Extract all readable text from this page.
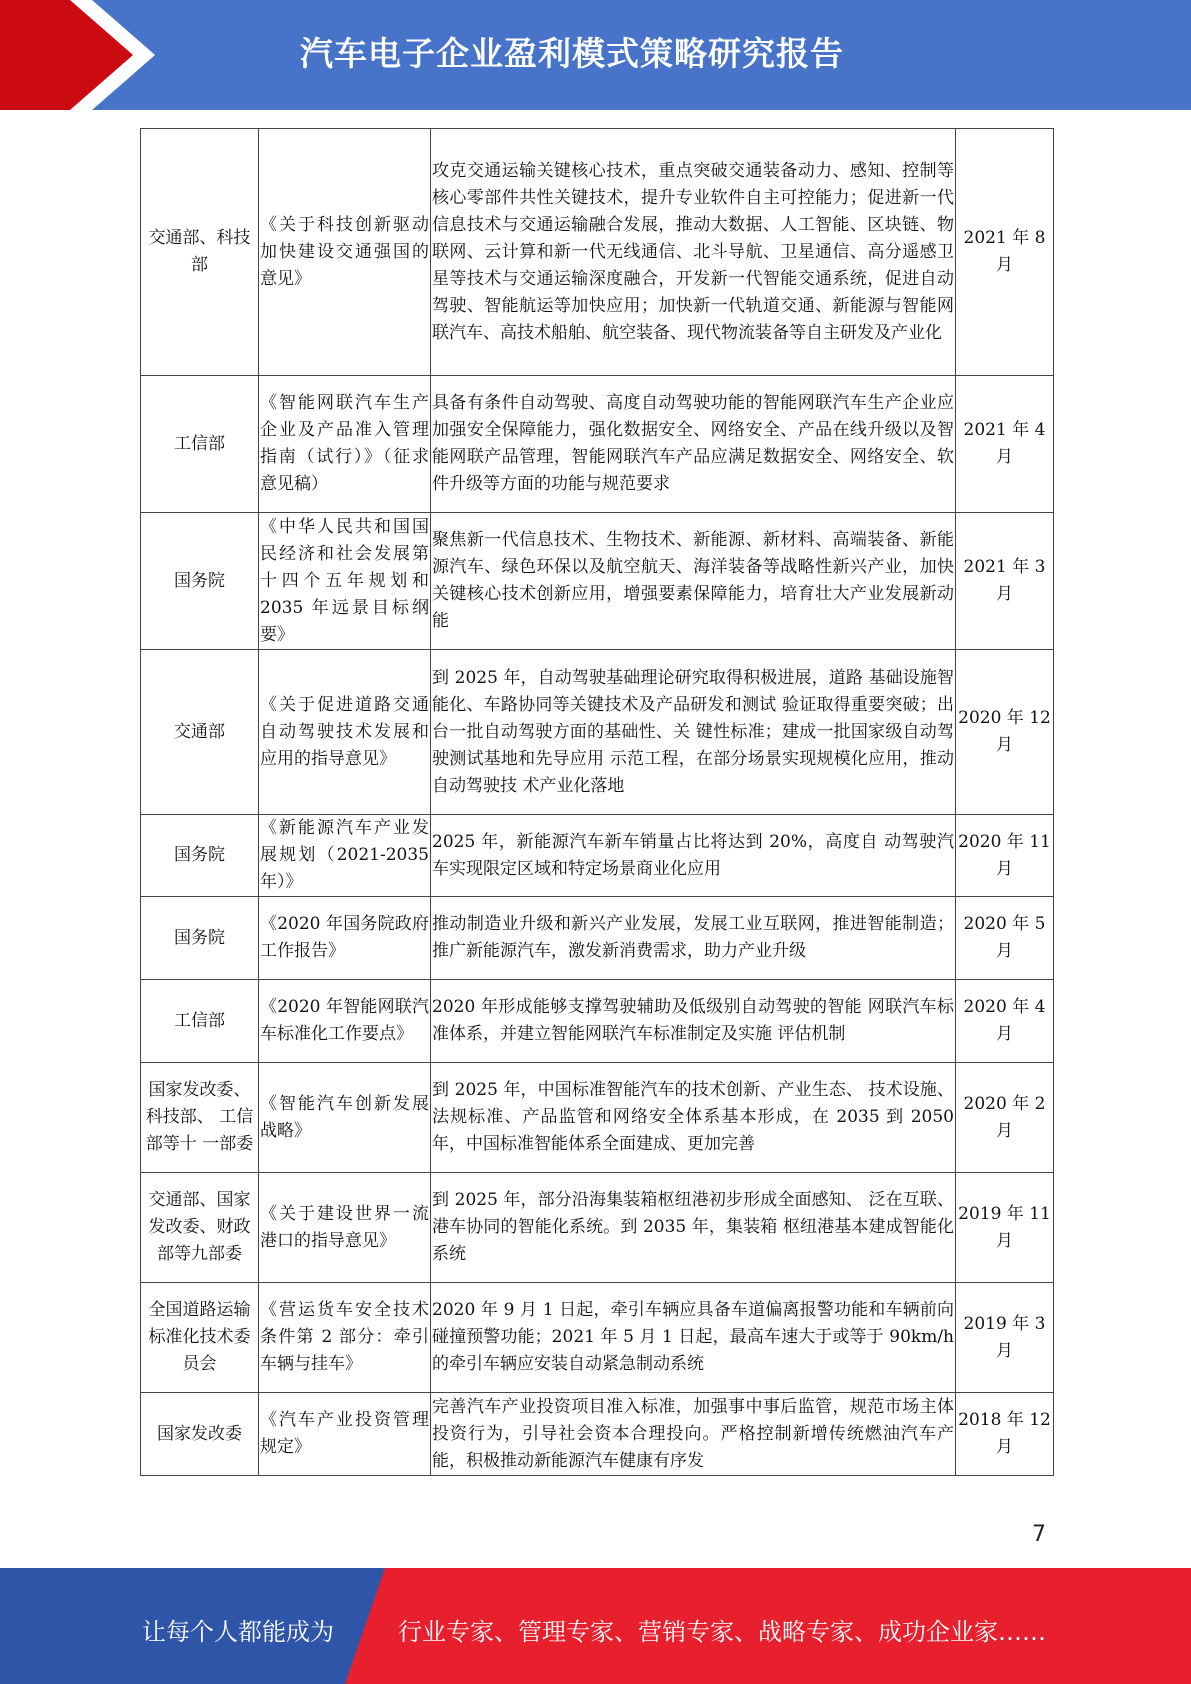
汽车电子企业盈利模式策略研究报告
交通部、科技部	《关于科技创新驱动加快建设交通强国的意见》	攻克交通运输关键核心技术，重点突破交通装备动力、感知、控制等核心零部件共性关键技术，提升专业软件自主可控能力；促进新一代信息技术与交通运输融合发展，推动大数据、人工智能、区块链、物联网、云计算和新一代无线通信、北斗导航、卫星通信、高分遥感卫星等技术与交通运输深度融合，开发新一代智能交通系统，促进自动驾驶、智能航运等加快应用；加快新一代轨道交通、新能源与智能网联汽车、高技术船舶、航空装备、现代物流装备等自主研发及产业化	2021 年 8 月
工信部	《智能网联汽车生产企业及产品准入管理指南（试行）》（征求意见稿）	具备有条件自动驾驶、高度自动驾驶功能的智能网联汽车生产企业应加强安全保障能力，强化数据安全、网络安全、产品在线升级以及智能网联产品管理，智能网联汽车产品应满足数据安全、网络安全、软件升级等方面的功能与规范要求	2021 年 4 月
国务院	《中华人民共和国国民经济和社会发展第十四个五年规划和 2035 年远景目标纲要》	聚焦新一代信息技术、生物技术、新能源、新材料、高端装备、新能源汽车、绿色环保以及航空航天、海洋装备等战略性新兴产业，加快关键核心技术创新应用，增强要素保障能力，培育壮大产业发展新动能	2021 年 3 月
交通部	《关于促进道路交通自动驾驶技术发展和应用的指导意见》	到 2025 年，自动驾驶基础理论研究取得积极进展，道路 基础设施智能化、车路协同等关键技术及产品研发和测试 验证取得重要突破；出台一批自动驾驶方面的基础性、关 键性标准；建成一批国家级自动驾驶测试基地和先导应用 示范工程，在部分场景实现规模化应用，推动自动驾驶技 术产业化落地	2020 年 12 月
国务院	《新能源汽车产业发展规划（2021-2035 年）》	2025 年，新能源汽车新车销量占比将达到 20%，高度自 动驾驶汽车实现限定区域和特定场景商业化应用	2020 年 11 月

国务院	《2020 年国务院政府工作报告》	推动制造业升级和新兴产业发展，发展工业互联网，推进智能制造；推广新能源汽车，激发新消费需求，助力产业升级	2020 年 5 月
工信部	《2020 年智能网联汽车标准化工作要点》	2020 年形成能够支撑驾驶辅助及低级别自动驾驶的智能 网联汽车标准体系，并建立智能网联汽车标准制定及实施 评估机制	2020 年 4 月
国家发改委、科技部、 工信部等十 一部委	《智能汽车创新发展战略》	到 2025 年，中国标准智能汽车的技术创新、产业生态、 技术设施、法规标准、产品监管和网络安全体系基本形成，在 2035 到 2050 年，中国标准智能体系全面建成、更加完善	2020 年 2 月
交通部、国家发改委、财政部等九部委	《关于建设世界一流港口的指导意见》	到 2025 年，部分沿海集装箱枢纽港初步形成全面感知、 泛在互联、港车协同的智能化系统。到 2035 年，集装箱 枢纽港基本建成智能化系统	2019 年 11 月
全国道路运输标准化技术委员会	《营运货车安全技术条件第 2 部分：牵引车辆与挂车》	2020 年 9 月 1 日起，牵引车辆应具备车道偏离报警功能和车辆前向碰撞预警功能；2021 年 5 月 1 日起，最高车速大于或等于 90km/h 的牵引车辆应安装自动紧急制动系统	2019 年 3 月
国家发改委	《汽车产业投资管理规定》	完善汽车产业投资项目准入标准，加强事中事后监管，规范市场主体投资行为，引导社会资本合理投向。严格控制新增传统燃油汽车产能，积极推动新能源汽车健康有序发	2018 年 12 月
7
让每个人都能成为	行业专家、管理专家、营销专家、战略专家、成功企业家……
